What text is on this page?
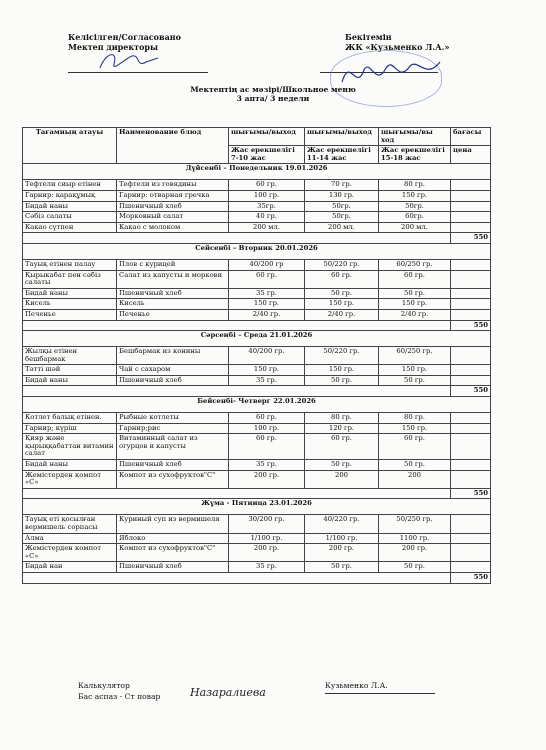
Келісілген/Согласовано
Мектеп директоры
Бекітемін
ЖК «Кузьменко Л.А.»
Мектептің ас мәзірі/Школьное меню
3 апта/ 3 недели
Тағамның атауы	Наименование блюд	шығымы/выход	шығымы/выход	шығымы/вы ход	бағасы
		Жас ерекшелігі 7-10 жас	Жас ерекшелігі 11-14 жас	Жас ерекшелігі 15-18 жас	цена
Дүйсенбі – Понедельник 19.01.2026					
Тефтели сиыр етінен	Тефтели из говядины	60 гр.	70 гр.	80 гр.	
Гарнир: қарақұмық	Гарнир: отварная гречка	100 гр.	130 гр.	150 гр.	
Бидай наны	Пшеничный хлеб	35гр.	50гр.	50гр.	
Сәбіз салаты	Морковный салат	40 гр.	50гр.	60гр.	
Какао сүтпен	Какао с молоком	200 мл.	200 мл.	200 мл.	
					550
Сейсенбі – Вторник 20.01.2026					
Тауық етінен палау	Плов с курицей	40/200 гр	50/220 гр.	60/250 гр.	
Қырыкабат пен сәбіз салаты	Салат из капусты и моркови	60 гр.	60 гр.	60 гр.	
Бидай наны	Пшеничный хлеб	35 гр.	50 гр.	50 гр.	
Кисель	Кисель	150 гр.	150 гр.	150 гр.	
Печенье	Печенье	2/40 гр.	2/40 гр.	2/40 гр.	
					550
Сәрсенбі – Среда 21.01.2026					
Жылқы етінен бешбармак	Бешбармак из конины	40/200 гр.	50/220 гр.	60/250 гр.	
Тәтті шәй	Чай с сахаром	150 гр.	150 гр.	150 гр.	
Бидай наны	Пшеничный хлеб	35 гр.	50 гр.	50 гр.	
					550
Бейсенбі- Четверг 22.01.2026					
Котлет балық етінен.	Рыбные котлеты	60 гр.	80 гр.	80 гр.	
Гарнир; күріш	Гарнир;рис	100 гр.	120 гр.	150 гр.	
Қияр және қырыққабаттан витамин салат	Витаминный салат из огурцов и капусты	60 гр.	60 гр.	60 гр.	
Бидай наны	Пшеничный хлеб	35 гр.	50 гр.	50 гр.	
Жемістерден компот «С»	Компот из сухофруктов"С"	200 гр.	200	200	
					550
Жұма - Пятница 23.01.2026					
Тауық еті қосылған вермишель сорпасы	Куриный суп из вермишеля	30/200 гр.	40/220 гр.	50/250 гр.	
Алма	Яблоко	1/100 гр.	1/100 гр.	1100 гр.	
Жемістерден компот «С»	Компот из сухофруктов"С"	200 гр.	200 гр.	200 гр.	
Бидай нан	Пшеничный хлеб	35 гр.	50 гр.	50 гр.	
					550
Калькулятор
Бас аспаз - Ст повар	Назаралиева
Кузьменко Л.А.
